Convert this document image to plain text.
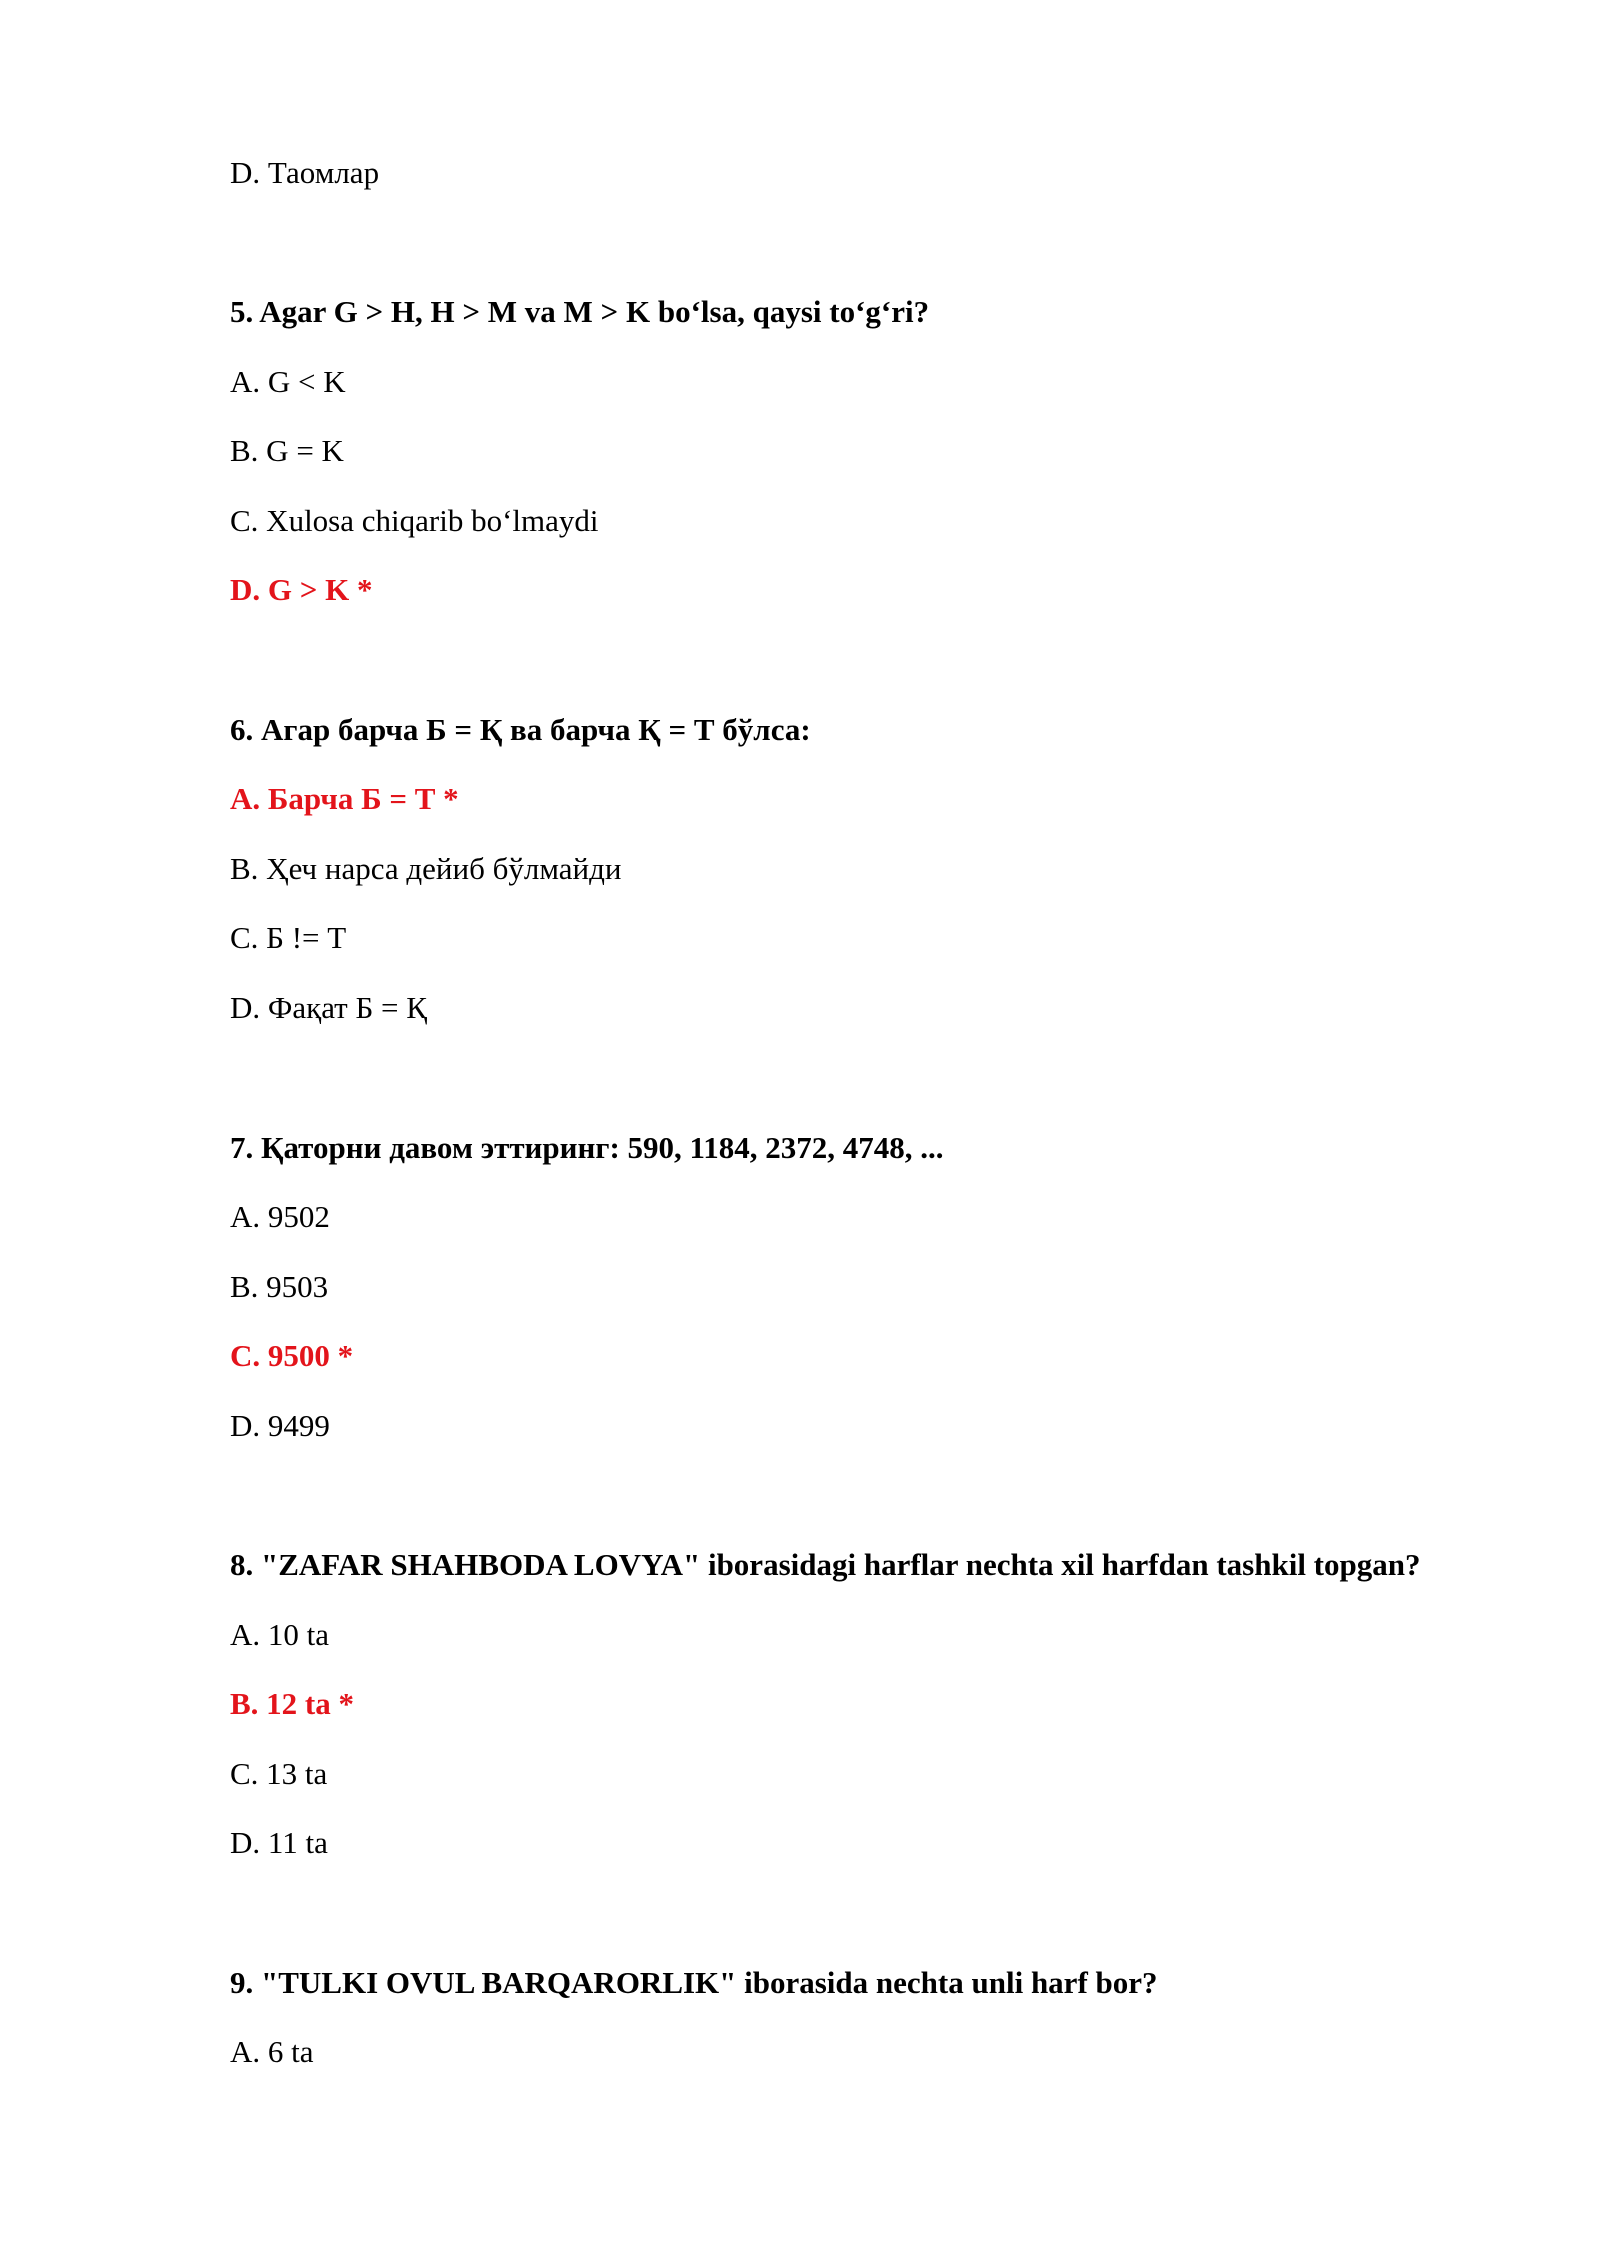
D. Таомлар
5. Agar G > H, H > M va M > K bo‘lsa, qaysi to‘g‘ri?
A. G < K
B. G = K
C. Xulosa chiqarib bo‘lmaydi
D. G > K *
6. Агар барча Б = Қ ва барча Қ = Т бўлса:
A. Барча Б = Т *
B. Ҳеч нарса дейиб бўлмайди
C. Б != Т
D. Фақат Б = Қ
7. Қаторни давом эттиринг: 590, 1184, 2372, 4748, ...
A. 9502
B. 9503
C. 9500 *
D. 9499
8. "ZAFAR SHAHBODA LOVYA" iborasidagi harflar nechta xil harfdan tashkil topgan?
A. 10 ta
B. 12 ta *
C. 13 ta
D. 11 ta
9. "TULKI OVUL BARQARORLIK" iborasida nechta unli harf bor?
A. 6 ta
